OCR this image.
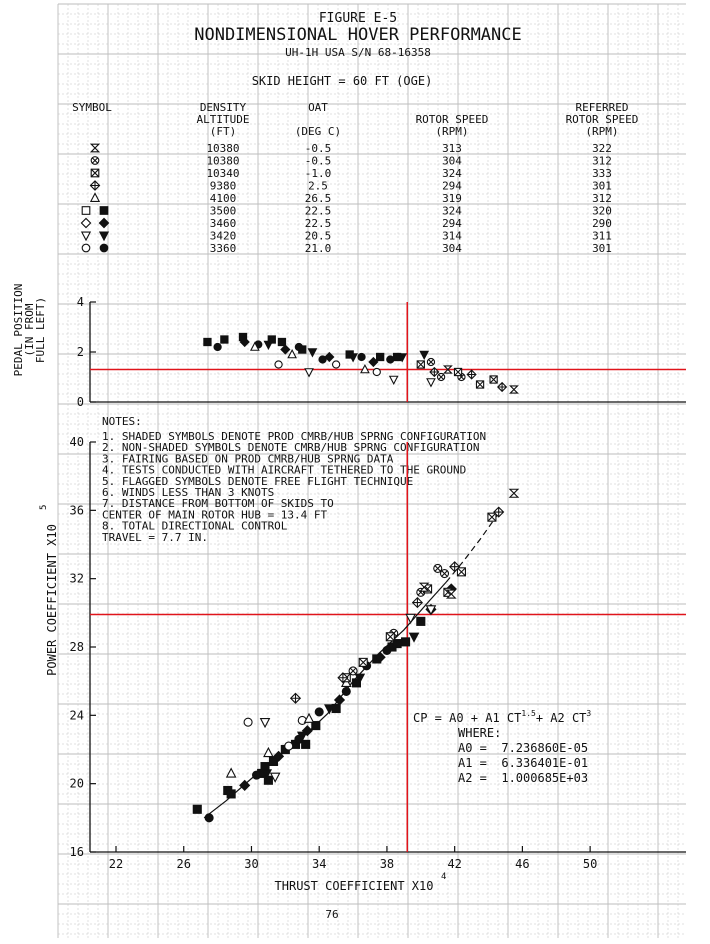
FIGURE E-5
NONDIMENSIONAL HOVER PERFORMANCE
UH-1H USA S/N 68-16358
SKID HEIGHT = 60 FT (OGE)
SYMBOL	DENSITY
ALTITUDE
(FT)
OAT
(DEG C)
ROTOR SPEED
(RPM)
REFERRED
ROTOR SPEED
(RPM)
10380	-0.5	313	322
10380	-0.5	304	312
10340	-1.0	324	333
9380	2.5	294	301
4100	26.5	319	312
3500	22.5	324	320
3460	22.5	294	290
3420	20.5	314	311
3360	21.0	304	301
0
2
4
PEDAL POSITION
(IN FROM
FULL LEFT)
NOTES:
1. SHADED SYMBOLS DENOTE PROD CMRB/HUB SPRNG CONFIGURATION
2. NON-SHADED SYMBOLS DENOTE CMRB/HUB SPRNG CONFIGURATION
3. FAIRING BASED ON PROD CMRB/HUB SPRNG DATA
4. TESTS CONDUCTED WITH AIRCRAFT TETHERED TO THE GROUND
5. FLAGGED SYMBOLS DENOTE FREE FLIGHT TECHNIQUE
6. WINDS LESS THAN 3 KNOTS
7. DISTANCE FROM BOTTOM OF SKIDS TO
CENTER OF MAIN ROTOR HUB = 13.4 FT
8. TOTAL DIRECTIONAL CONTROL
TRAVEL = 7.7 IN.
16
20
24
28
32
36
40
22	26	30	34	38	42	46	50
POWER COEFFICIENT X10
5
THRUST COEFFICIENT X10
4
CP = A0 + A1 $CT^{1.5}+ A2$ $CT^3$
WHERE:
A0 =  7.236860E-05
A1 =  6.336401E-01
A2 =  1.000685E+03
76
